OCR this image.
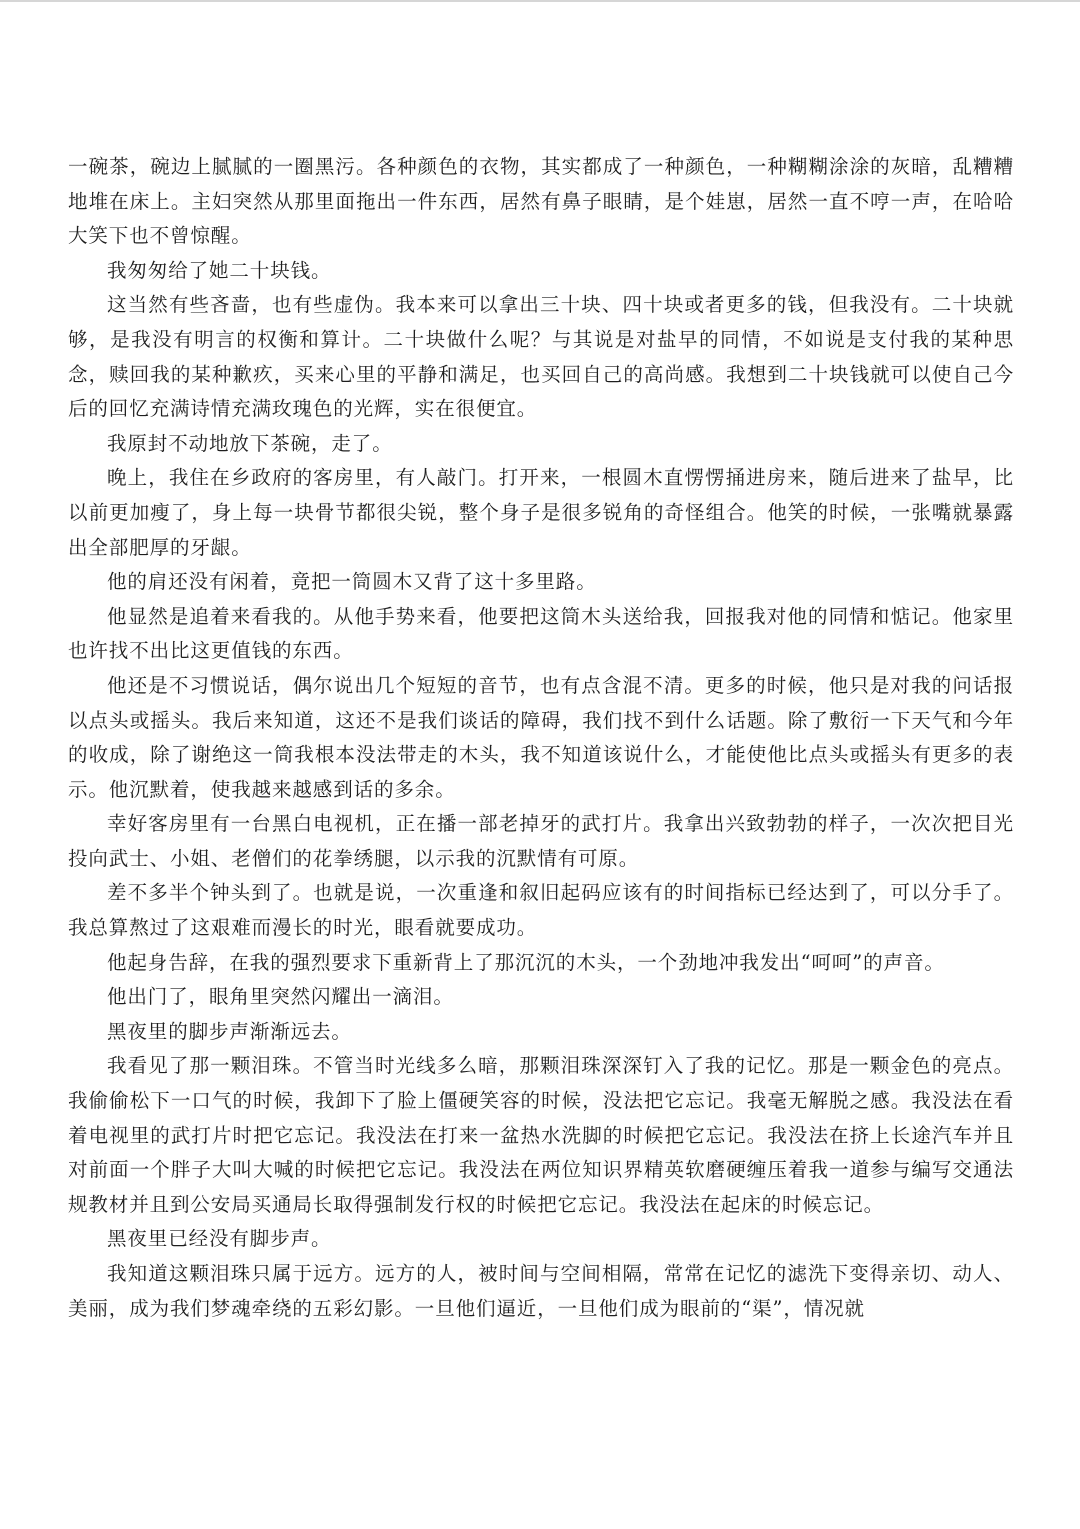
一碗茶，碗边上腻腻的一圈黑污。各种颜色的衣物，其实都成了一种颜色，一种糊糊涂涂的灰暗，乱糟糟地堆在床上。主妇突然从那里面拖出一件东西，居然有鼻子眼睛，是个娃崽，居然一直不哼一声，在哈哈大笑下也不曾惊醒。

我匆匆给了她二十块钱。

这当然有些吝啬，也有些虚伪。我本来可以拿出三十块、四十块或者更多的钱，但我没有。二十块就够，是我没有明言的权衡和算计。二十块做什么呢？与其说是对盐早的同情，不如说是支付我的某种思念，赎回我的某种歉疚，买来心里的平静和满足，也买回自己的高尚感。我想到二十块钱就可以使自己今后的回忆充满诗情充满玫瑰色的光辉，实在很便宜。

我原封不动地放下茶碗，走了。

晚上，我住在乡政府的客房里，有人敲门。打开来，一根圆木直愣愣捅进房来，随后进来了盐早，比以前更加瘦了，身上每一块骨节都很尖锐，整个身子是很多锐角的奇怪组合。他笑的时候，一张嘴就暴露出全部肥厚的牙龈。

他的肩还没有闲着，竟把一筒圆木又背了这十多里路。

他显然是追着来看我的。从他手势来看，他要把这筒木头送给我，回报我对他的同情和惦记。他家里也许找不出比这更值钱的东西。

他还是不习惯说话，偶尔说出几个短短的音节，也有点含混不清。更多的时候，他只是对我的问话报以点头或摇头。我后来知道，这还不是我们谈话的障碍，我们找不到什么话题。除了敷衍一下天气和今年的收成，除了谢绝这一筒我根本没法带走的木头，我不知道该说什么，才能使他比点头或摇头有更多的表示。他沉默着，使我越来越感到话的多余。

幸好客房里有一台黑白电视机，正在播一部老掉牙的武打片。我拿出兴致勃勃的样子，一次次把目光投向武士、小姐、老僧们的花拳绣腿，以示我的沉默情有可原。

差不多半个钟头到了。也就是说，一次重逢和叙旧起码应该有的时间指标已经达到了，可以分手了。我总算熬过了这艰难而漫长的时光，眼看就要成功。

他起身告辞，在我的强烈要求下重新背上了那沉沉的木头，一个劲地冲我发出“呵呵”的声音。

他出门了，眼角里突然闪耀出一滴泪。

黑夜里的脚步声渐渐远去。

我看见了那一颗泪珠。不管当时光线多么暗，那颗泪珠深深钉入了我的记忆。那是一颗金色的亮点。我偷偷松下一口气的时候，我卸下了脸上僵硬笑容的时候，没法把它忘记。我毫无解脱之感。我没法在看着电视里的武打片时把它忘记。我没法在打来一盆热水洗脚的时候把它忘记。我没法在挤上长途汽车并且对前面一个胖子大叫大喊的时候把它忘记。我没法在两位知识界精英软磨硬缠压着我一道参与编写交通法规教材并且到公安局买通局长取得强制发行权的时候把它忘记。我没法在起床的时候忘记。

黑夜里已经没有脚步声。

我知道这颗泪珠只属于远方。远方的人，被时间与空间相隔，常常在记忆的滤洗下变得亲切、动人、美丽，成为我们梦魂牵绕的五彩幻影。一旦他们逼近，一旦他们成为眼前的“渠”，情况就
